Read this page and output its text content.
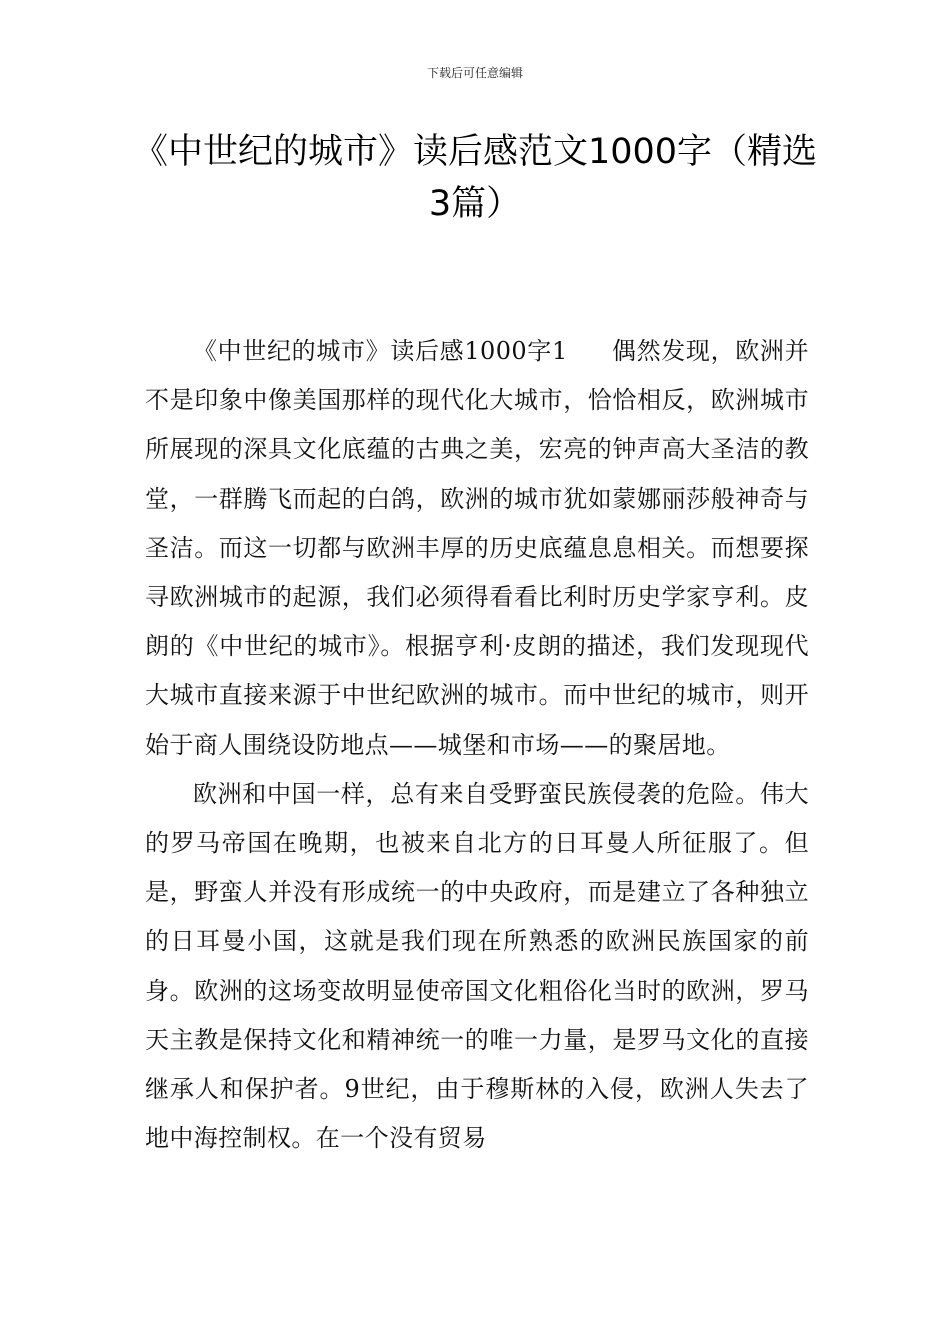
下载后可任意编辑
《中世纪的城市》读后感范文1000字（精选3篇）

《中世纪的城市》读后感1000字1 偶然发现，欧洲并不是印象中像美国那样的现代化大城市，恰恰相反，欧洲城市所展现的深具文化底蕴的古典之美，宏亮的钟声高大圣洁的教堂，一群腾飞而起的白鸽，欧洲的城市犹如蒙娜丽莎般神奇与圣洁。而这一切都与欧洲丰厚的历史底蕴息息相关。而想要探寻欧洲城市的起源，我们必须得看看比利时历史学家亨利。皮朗的《中世纪的城市》。根据亨利·皮朗的描述，我们发现现代大城市直接来源于中世纪欧洲的城市。而中世纪的城市，则开始于商人围绕设防地点——城堡和市场——的聚居地。

欧洲和中国一样，总有来自受野蛮民族侵袭的危险。伟大的罗马帝国在晚期，也被来自北方的日耳曼人所征服了。但是，野蛮人并没有形成统一的中央政府，而是建立了各种独立的日耳曼小国，这就是我们现在所熟悉的欧洲民族国家的前身。欧洲的这场变故明显使帝国文化粗俗化当时的欧洲，罗马天主教是保持文化和精神统一的唯一力量，是罗马文化的直接继承人和保护者。9世纪，由于穆斯林的入侵，欧洲人失去了地中海控制权。在一个没有贸易
